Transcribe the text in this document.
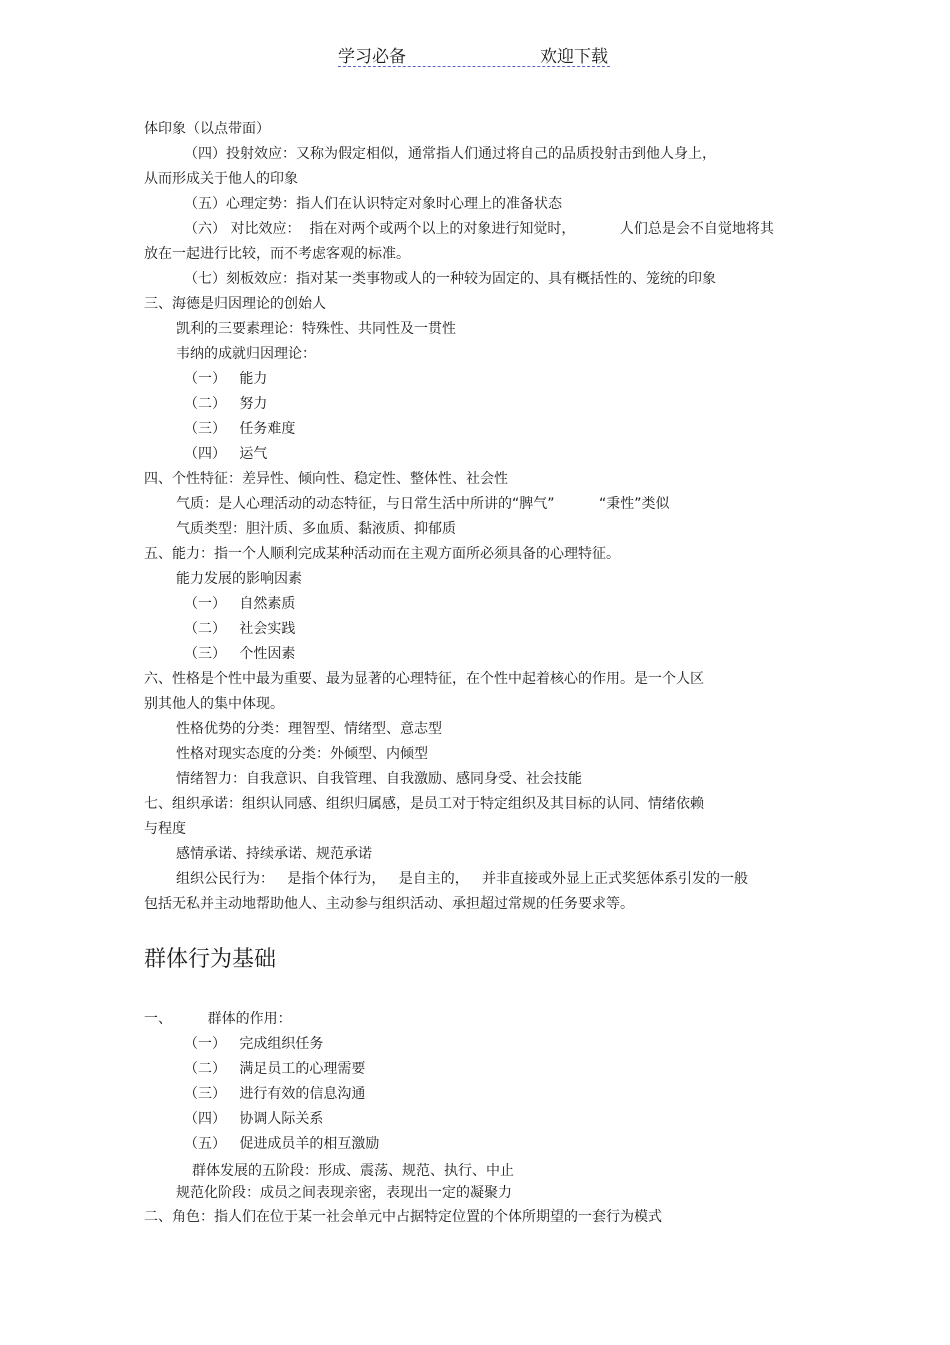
学习必备	欢迎下载
体印象（以点带面）
（四）投射效应：又称为假定相似，通常指人们通过将自己的品质投射击到他人身上，
从而形成关于他人的印象
（五）心理定势：指人们在认识特定对象时心理上的准备状态
（六） 对比效应：  指在对两个或两个以上的对象进行知觉时，          人们总是会不自觉地将其
放在一起进行比较，而不考虑客观的标准。
（七）刻板效应：指对某一类事物或人的一种较为固定的、具有概括性的、笼统的印象
三、海德是归因理论的创始人
凯利的三要素理论：特殊性、共同性及一贯性
韦纳的成就归因理论：
（一）   能力
（二）   努力
（三）   任务难度
（四）   运气
四、个性特征：差异性、倾向性、稳定性、整体性、社会性
气质：是人心理活动的动态特征，与日常生活中所讲的“脾气”          “秉性”类似
气质类型：胆汁质、多血质、黏液质、抑郁质
五、能力：指一个人顺利完成某种活动而在主观方面所必须具备的心理特征。
能力发展的影响因素
（一）   自然素质
（二）   社会实践
（三）   个性因素
六、性格是个性中最为重要、最为显著的心理特征，在个性中起着核心的作用。是一个人区
别其他人的集中体现。
性格优势的分类：理智型、情绪型、意志型
性格对现实态度的分类：外倾型、内倾型
情绪智力：自我意识、自我管理、自我激励、感同身受、社会技能
七、组织承诺：组织认同感、组织归属感，是员工对于特定组织及其目标的认同、情绪依赖
与程度
感情承诺、持续承诺、规范承诺
组织公民行为：   是指个体行为，   是自主的，   并非直接或外显上正式奖惩体系引发的一般
包括无私并主动地帮助他人、主动参与组织活动、承担超过常规的任务要求等。
群体行为基础
一、        群体的作用：
（一）   完成组织任务
（二）   满足员工的心理需要
（三）   进行有效的信息沟通
（四）   协调人际关系
（五）   促进成员羊的相互激励
群体发展的五阶段：形成、震荡、规范、执行、中止
规范化阶段：成员之间表现亲密，表现出一定的凝聚力
二、角色：指人们在位于某一社会单元中占据特定位置的个体所期望的一套行为模式
